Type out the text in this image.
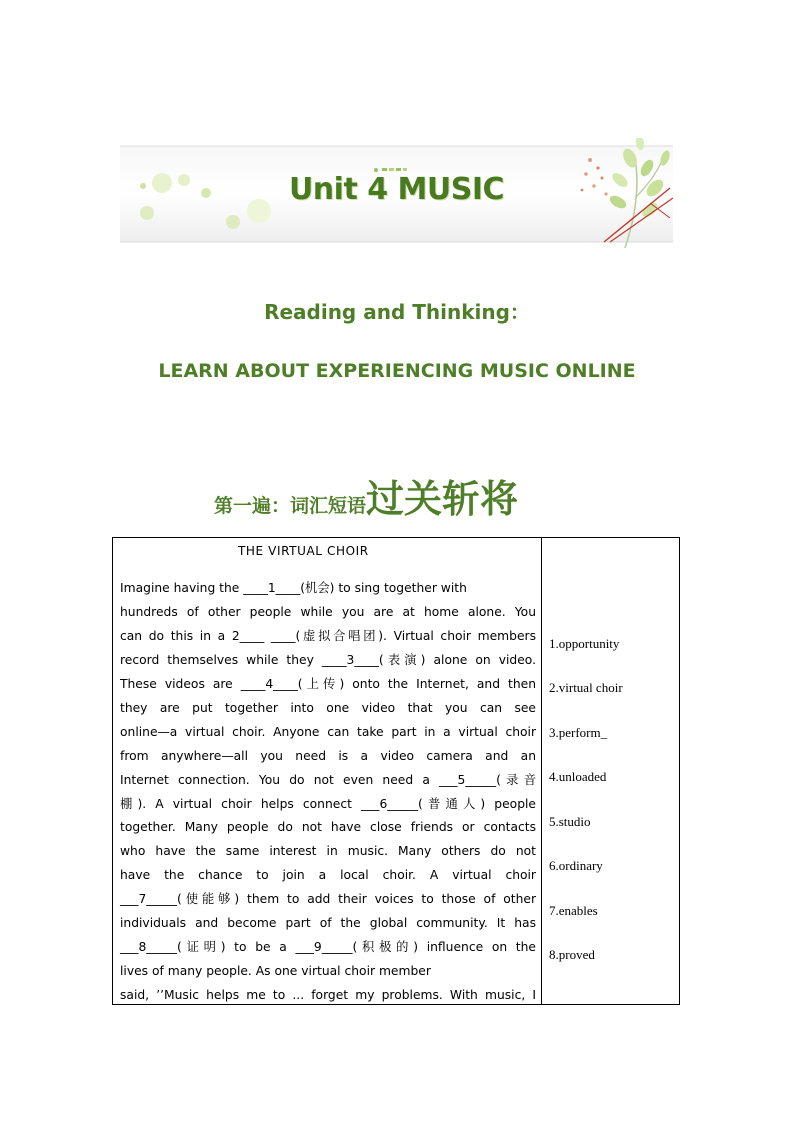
Unit 4 MUSIC
Reading and Thinking：
LEARN ABOUT EXPERIENCING MUSIC ONLINE
第一遍：词汇短语过关斩将
THE VIRTUAL CHOIR
Imagine having the ____1____(机会) to sing together with
hundreds of other people while you are at home alone. You
can do this in a 2____ ____(虚拟合唱团). Virtual choir members
record themselves while they ____3____(表演) alone on video.
These videos are ____4____(上传) onto the Internet, and then
they are put together into one video that you can see
online—a virtual choir. Anyone can take part in a virtual choir
from anywhere—all you need is a video camera and an
Internet connection. You do not even need a ___5_____(录音
棚). A virtual choir helps connect ___6_____(普通人) people
together. Many people do not have close friends or contacts
who have the same interest in music. Many others do not
have the chance to join a local choir. A virtual choir
___7_____(使能够) them to add their voices to those of other
individuals and become part of the global community. It has
___8_____(证明) to be a ___9_____(积极的) influence on the
lives of many people. As one virtual choir member
said, ’’Music helps me to ... forget my problems. With music, I
1.opportunity
2.virtual choir
3.perform_
4.unloaded
5.studio
6.ordinary
7.enables
8.proved
